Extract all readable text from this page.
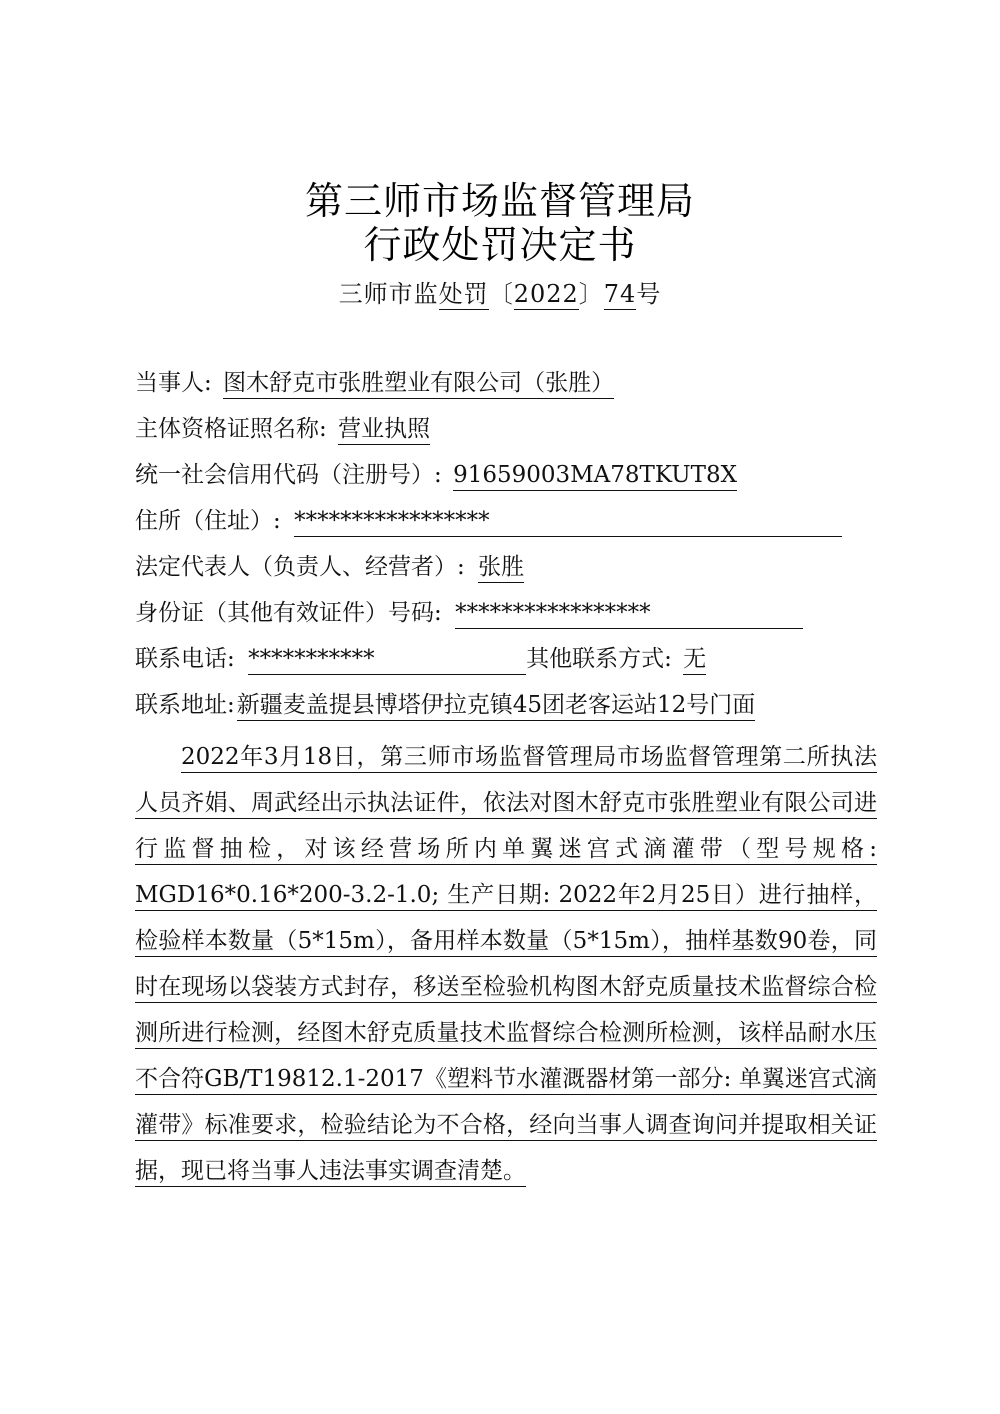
第三师市场监督管理局
行政处罚决定书
三师市监处罚〔2022〕74号
当事人: 图木舒克市张胜塑业有限公司（张胜）
主体资格证照名称: 营业执照
统一社会信用代码（注册号）: 91659003MA78TKUT8X
住所（住址）: *****************
法定代表人（负责人、经营者）: 张胜
身份证（其他有效证件）号码: *****************
联系电话: ***********	其他联系方式: 无
联系地址:新疆麦盖提县博塔伊拉克镇45团老客运站12号门面
2022年3月18日，第三师市场监督管理局市场监督管理第二所执法人员齐娟、周武经出示执法证件，依法对图木舒克市张胜塑业有限公司进行监督抽检，对该经营场所内单翼迷宫式滴灌带（型号规格: MGD16*0.16*200-3.2-1.0; 生产日期: 2022年2月25日）进行抽样，检验样本数量（5*15m），备用样本数量（5*15m），抽样基数90卷，同时在现场以袋装方式封存，移送至检验机构图木舒克质量技术监督综合检测所进行检测，经图木舒克质量技术监督综合检测所检测，该样品耐水压不合符GB/T19812.1-2017《塑料节水灌溉器材第一部分: 单翼迷宫式滴灌带》标准要求，检验结论为不合格，经向当事人调查询问并提取相关证据，现已将当事人违法事实调查清楚。
